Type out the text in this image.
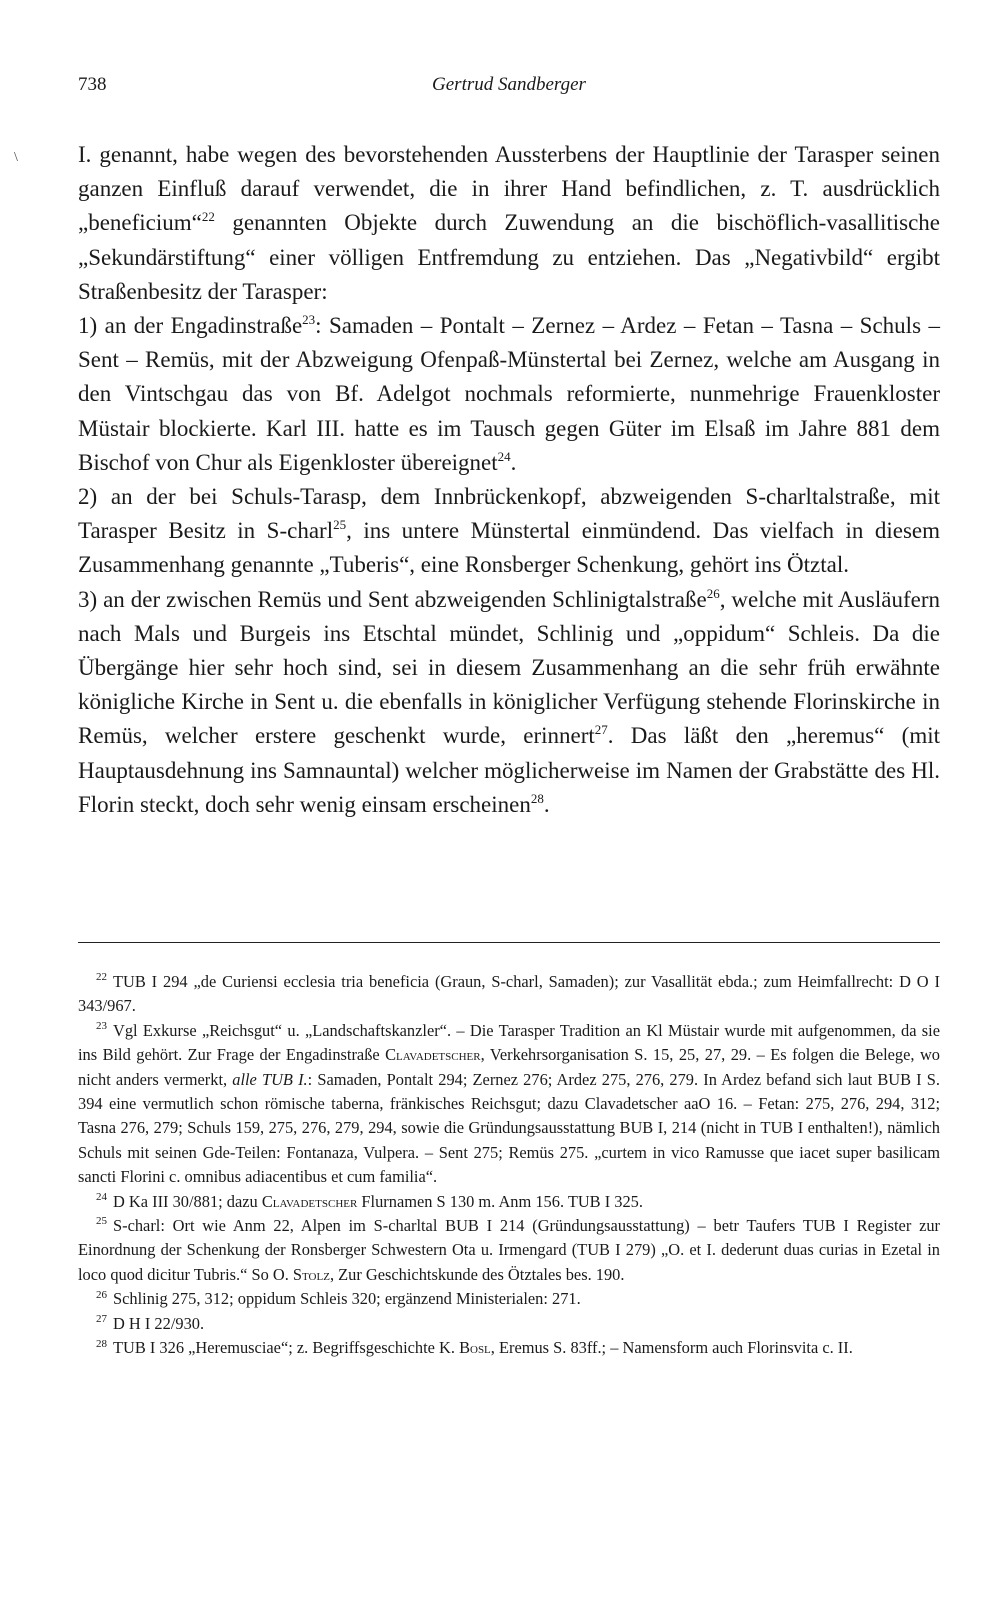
\
738	Gertrud Sandberger

I. genannt, habe wegen des bevorstehenden Aussterbens der Hauptlinie der Tarasper seinen ganzen Einfluß darauf verwendet, die in ihrer Hand befindlichen, z. T. ausdrücklich „beneficium“$^{22}$ genannten Objekte durch Zuwendung an die bischöflich-vasallitische „Sekundärstiftung“ einer völligen Entfremdung zu entziehen. Das „Negativbild“ ergibt Straßenbesitz der Tarasper:

1) an der Engadinstraße$^{23}$: Samaden – Pontalt – Zernez – Ardez – Fetan – Tasna – Schuls – Sent – Remüs, mit der Abzweigung Ofenpaß-Münstertal bei Zernez, welche am Ausgang in den Vintschgau das von Bf. Adelgot nochmals reformierte, nunmehrige Frauenkloster Müstair blockierte. Karl III. hatte es im Tausch gegen Güter im Elsaß im Jahre 881 dem Bischof von Chur als Eigenkloster übereignet$^{24}$.

2) an der bei Schuls-Tarasp, dem Innbrückenkopf, abzweigenden S-charltalstraße, mit Tarasper Besitz in S-charl$^{25}$, ins untere Münstertal einmündend. Das vielfach in diesem Zusammenhang genannte „Tuberis“, eine Ronsberger Schenkung, gehört ins Ötztal.

3) an der zwischen Remüs und Sent abzweigenden Schlinigtalstraße$^{26}$, welche mit Ausläufern nach Mals und Burgeis ins Etschtal mündet, Schlinig und „oppidum“ Schleis. Da die Übergänge hier sehr hoch sind, sei in diesem Zusammenhang an die sehr früh erwähnte königliche Kirche in Sent u. die ebenfalls in königlicher Verfügung stehende Florinskirche in Remüs, welcher erstere geschenkt wurde, erinnert$^{27}$. Das läßt den „heremus“ (mit Hauptausdehnung ins Samnauntal) welcher möglicherweise im Namen der Grabstätte des Hl. Florin steckt, doch sehr wenig einsam erscheinen$^{28}$.

$^{22}$ TUB I 294 „de Curiensi ecclesia tria beneficia (Graun, S-charl, Samaden); zur Vasallität ebda.; zum Heimfallrecht: D O I 343/967.

$^{23}$ Vgl Exkurse „Reichsgut“ u. „Landschaftskanzler“. – Die Tarasper Tradition an Kl Müstair wurde mit aufgenommen, da sie ins Bild gehört. Zur Frage der Engadinstraße Clavadetscher, Verkehrsorganisation S. 15, 25, 27, 29. – Es folgen die Belege, wo nicht anders vermerkt, alle TUB I.: Samaden, Pontalt 294; Zernez 276; Ardez 275, 276, 279. In Ardez befand sich laut BUB I S. 394 eine vermutlich schon römische taberna, fränkisches Reichsgut; dazu Clavadetscher aaO 16. – Fetan: 275, 276, 294, 312; Tasna 276, 279; Schuls 159, 275, 276, 279, 294, sowie die Gründungsausstattung BUB I, 214 (nicht in TUB I enthalten!), nämlich Schuls mit seinen Gde-Teilen: Fontanaza, Vulpera. – Sent 275; Remüs 275. „curtem in vico Ramusse que iacet super basilicam sancti Florini c. omnibus adiacentibus et cum familia“.

$^{24}$ D Ka III 30/881; dazu Clavadetscher Flurnamen S 130 m. Anm 156. TUB I 325.

$^{25}$ S-charl: Ort wie Anm 22, Alpen im S-charltal BUB I 214 (Gründungsausstattung) – betr Taufers TUB I Register zur Einordnung der Schenkung der Ronsberger Schwestern Ota u. Irmengard (TUB I 279) „O. et I. dederunt duas curias in Ezetal in loco quod dicitur Tubris.“ So O. Stolz, Zur Geschichtskunde des Ötztales bes. 190.

$^{26}$ Schlinig 275, 312; oppidum Schleis 320; ergänzend Ministerialen: 271.

$^{27}$ D H I 22/930.

$^{28}$ TUB I 326 „Heremusciae“; z. Begriffsgeschichte K. Bosl, Eremus S. 83ff.; – Namensform auch Florinsvita c. II.
